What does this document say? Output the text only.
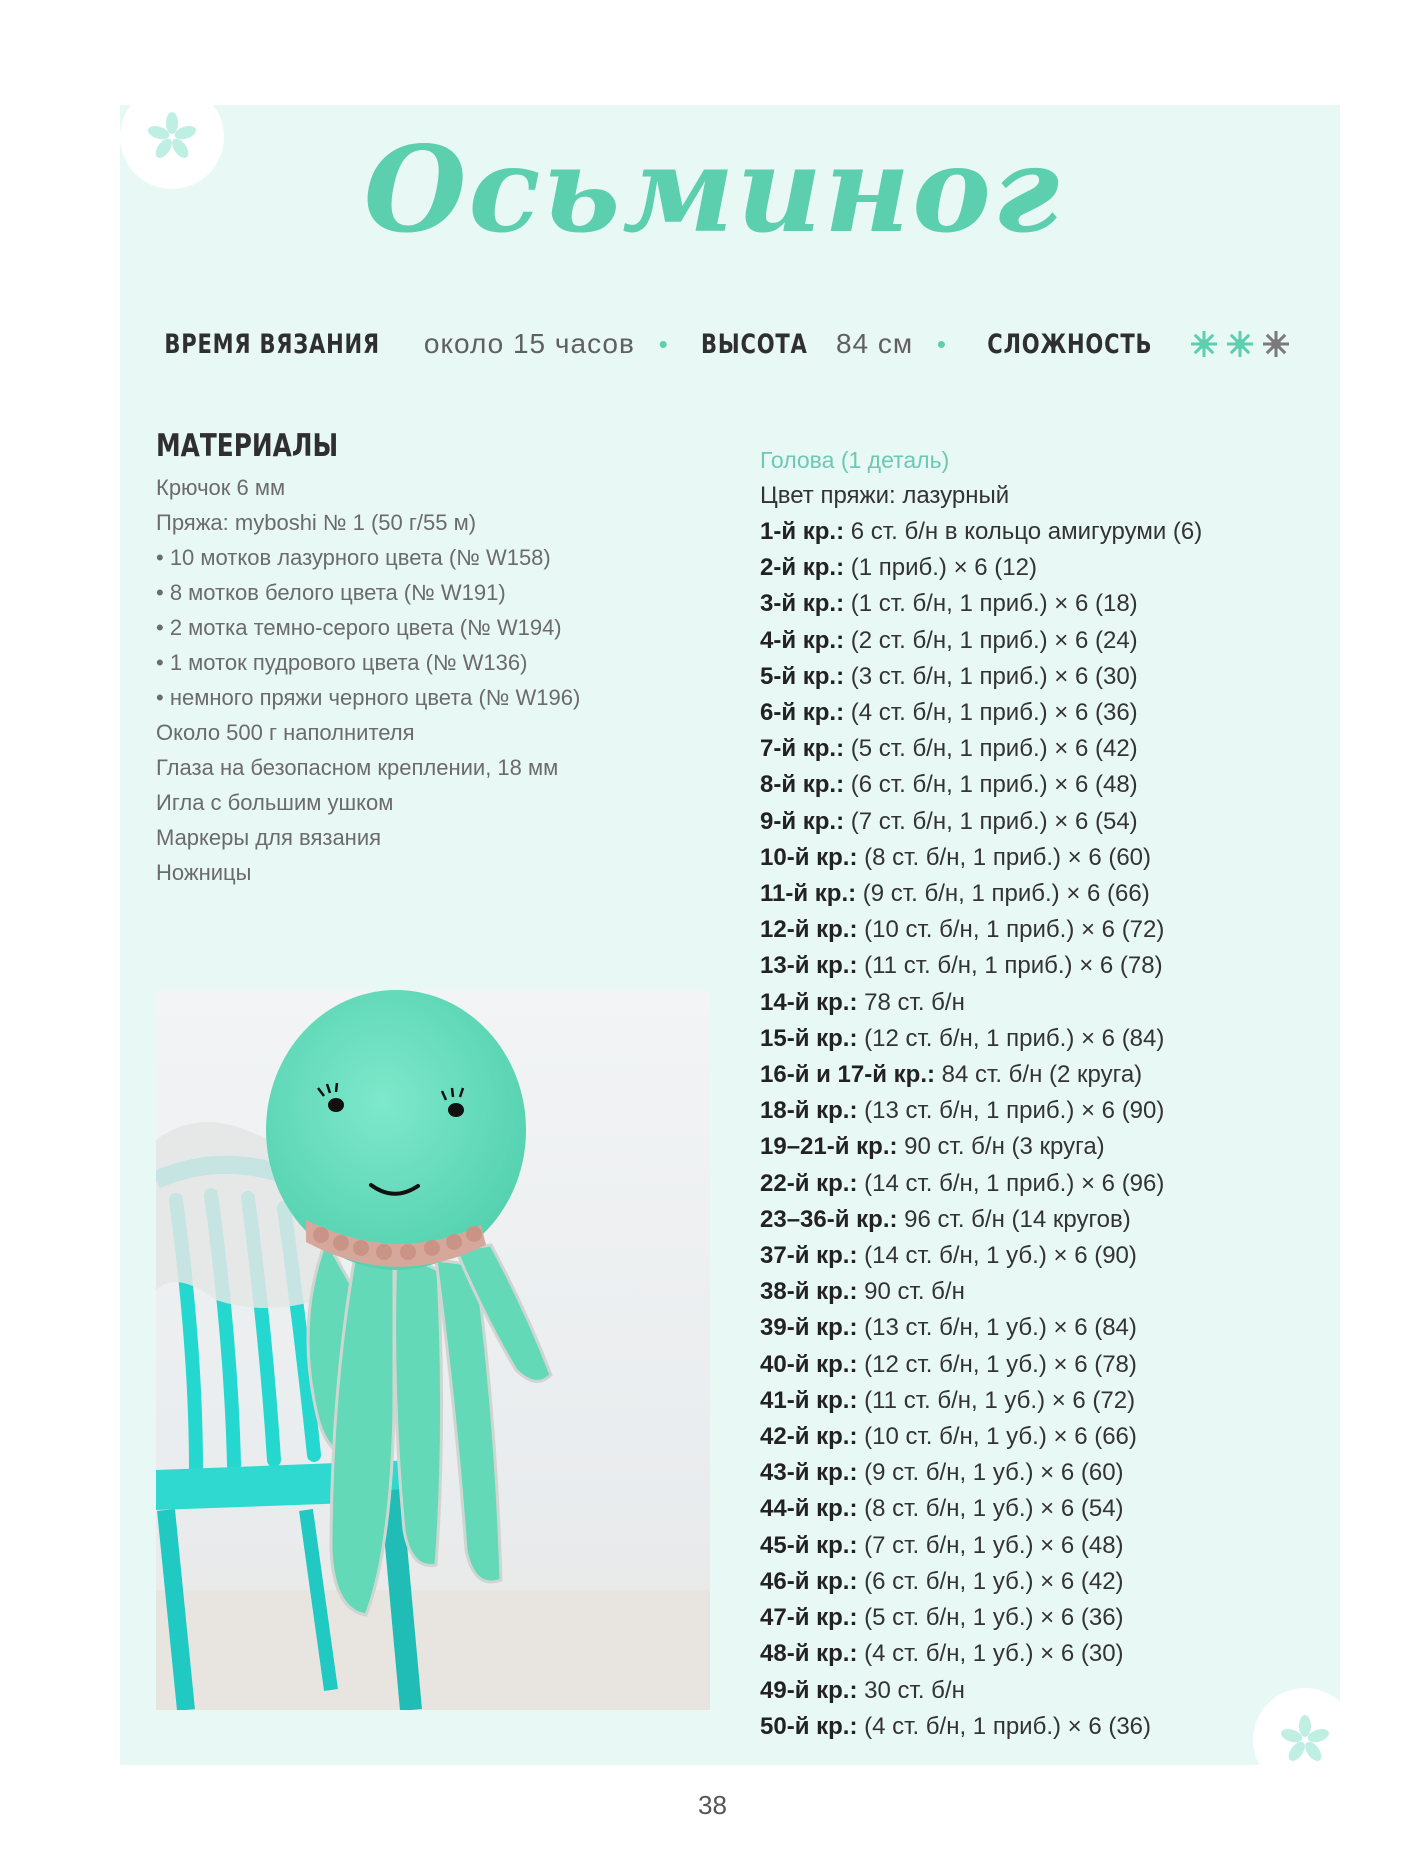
Осьминог
ВРЕМЯ ВЯЗАНИЯ около 15 часов • ВЫСОТА 84 см • СЛОЖНОСТЬ
МАТЕРИАЛЫ
Крючок 6 мм
Пряжа: myboshi № 1 (50 г/55 м)
• 10 мотков лазурного цвета (№ W158)
• 8 мотков белого цвета (№ W191)
• 2 мотка темно-серого цвета (№ W194)
• 1 моток пудрового цвета (№ W136)
• немного пряжи черного цвета (№ W196)
Около 500 г наполнителя
Глаза на безопасном креплении, 18 мм
Игла с большим ушком
Маркеры для вязания
Ножницы
Голова (1 деталь)
Цвет пряжи: лазурный
1-й кр.: 6 ст. б/н в кольцо амигуруми (6)
2-й кр.: (1 приб.) × 6 (12)
3-й кр.: (1 ст. б/н, 1 приб.) × 6 (18)
4-й кр.: (2 ст. б/н, 1 приб.) × 6 (24)
5-й кр.: (3 ст. б/н, 1 приб.) × 6 (30)
6-й кр.: (4 ст. б/н, 1 приб.) × 6 (36)
7-й кр.: (5 ст. б/н, 1 приб.) × 6 (42)
8-й кр.: (6 ст. б/н, 1 приб.) × 6 (48)
9-й кр.: (7 ст. б/н, 1 приб.) × 6 (54)
10-й кр.: (8 ст. б/н, 1 приб.) × 6 (60)
11-й кр.: (9 ст. б/н, 1 приб.) × 6 (66)
12-й кр.: (10 ст. б/н, 1 приб.) × 6 (72)
13-й кр.: (11 ст. б/н, 1 приб.) × 6 (78)
14-й кр.: 78 ст. б/н
15-й кр.: (12 ст. б/н, 1 приб.) × 6 (84)
16-й и 17-й кр.: 84 ст. б/н (2 круга)
18-й кр.: (13 ст. б/н, 1 приб.) × 6 (90)
19–21-й кр.: 90 ст. б/н (3 круга)
22-й кр.: (14 ст. б/н, 1 приб.) × 6 (96)
23–36-й кр.: 96 ст. б/н (14 кругов)
37-й кр.: (14 ст. б/н, 1 уб.) × 6 (90)
38-й кр.: 90 ст. б/н
39-й кр.: (13 ст. б/н, 1 уб.) × 6 (84)
40-й кр.: (12 ст. б/н, 1 уб.) × 6 (78)
41-й кр.: (11 ст. б/н, 1 уб.) × 6 (72)
42-й кр.: (10 ст. б/н, 1 уб.) × 6 (66)
43-й кр.: (9 ст. б/н, 1 уб.) × 6 (60)
44-й кр.: (8 ст. б/н, 1 уб.) × 6 (54)
45-й кр.: (7 ст. б/н, 1 уб.) × 6 (48)
46-й кр.: (6 ст. б/н, 1 уб.) × 6 (42)
47-й кр.: (5 ст. б/н, 1 уб.) × 6 (36)
48-й кр.: (4 ст. б/н, 1 уб.) × 6 (30)
49-й кр.: 30 ст. б/н
50-й кр.: (4 ст. б/н, 1 приб.) × 6 (36)
38
